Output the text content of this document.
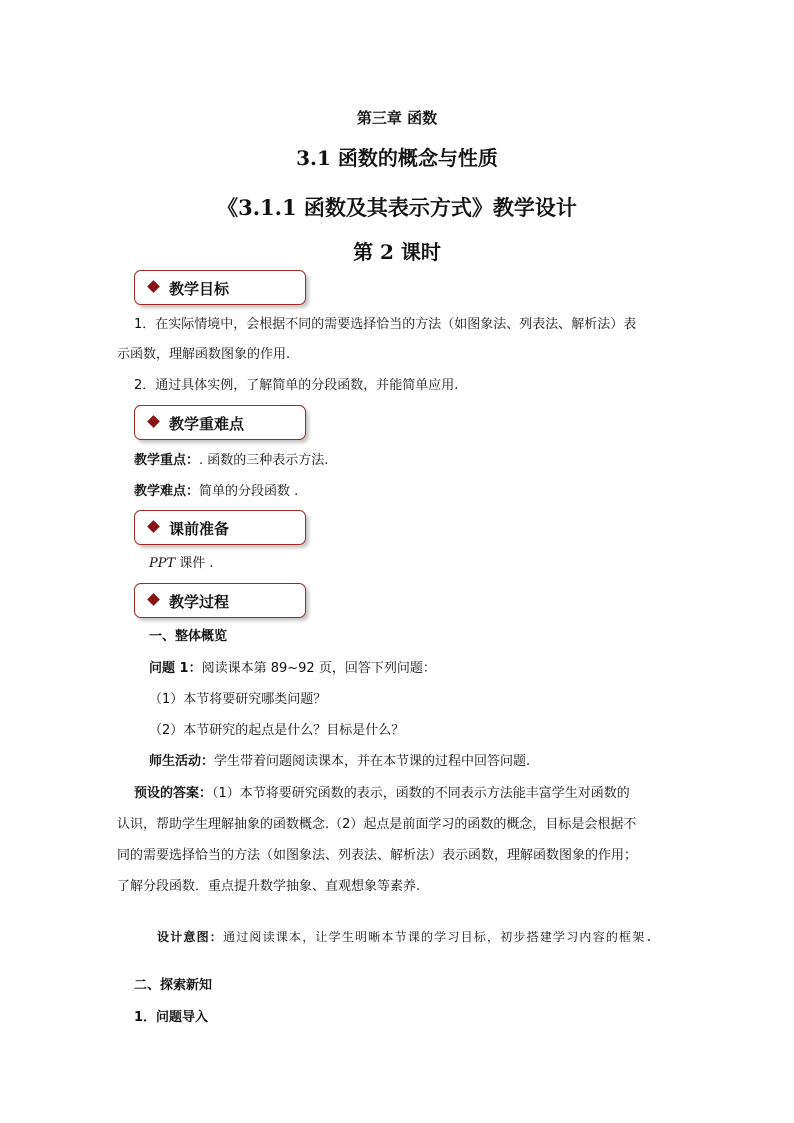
第三章 函数
3.1 函数的概念与性质
《3.1.1 函数及其表示方式》教学设计
第 2 课时
教学目标
1．在实际情境中，会根据不同的需要选择恰当的方法（如图象法、列表法、解析法）表
示函数，理解函数图象的作用.
2．通过具体实例，了解简单的分段函数，并能简单应用.
教学重难点
教学重点：. 函数的三种表示方法.
教学难点：简单的分段函数 .
课前准备
PPT 课件 .
教学过程
一、整体概览
问题 1：阅读课本第 89~92 页，回答下列问题：
（1）本节将要研究哪类问题？
（2）本节研究的起点是什么？目标是什么？
师生活动：学生带着问题阅读课本，并在本节课的过程中回答问题.
预设的答案：（1）本节将要研究函数的表示，函数的不同表示方法能丰富学生对函数的
认识，帮助学生理解抽象的函数概念.（2）起点是前面学习的函数的概念，目标是会根据不
同的需要选择恰当的方法（如图象法、列表法、解析法）表示函数，理解函数图象的作用；
了解分段函数．重点提升数学抽象、直观想象等素养.
设计意图：通过阅读课本，让学生明晰本节课的学习目标，初步搭建学习内容的框架.
二、探索新知
1．问题导入
